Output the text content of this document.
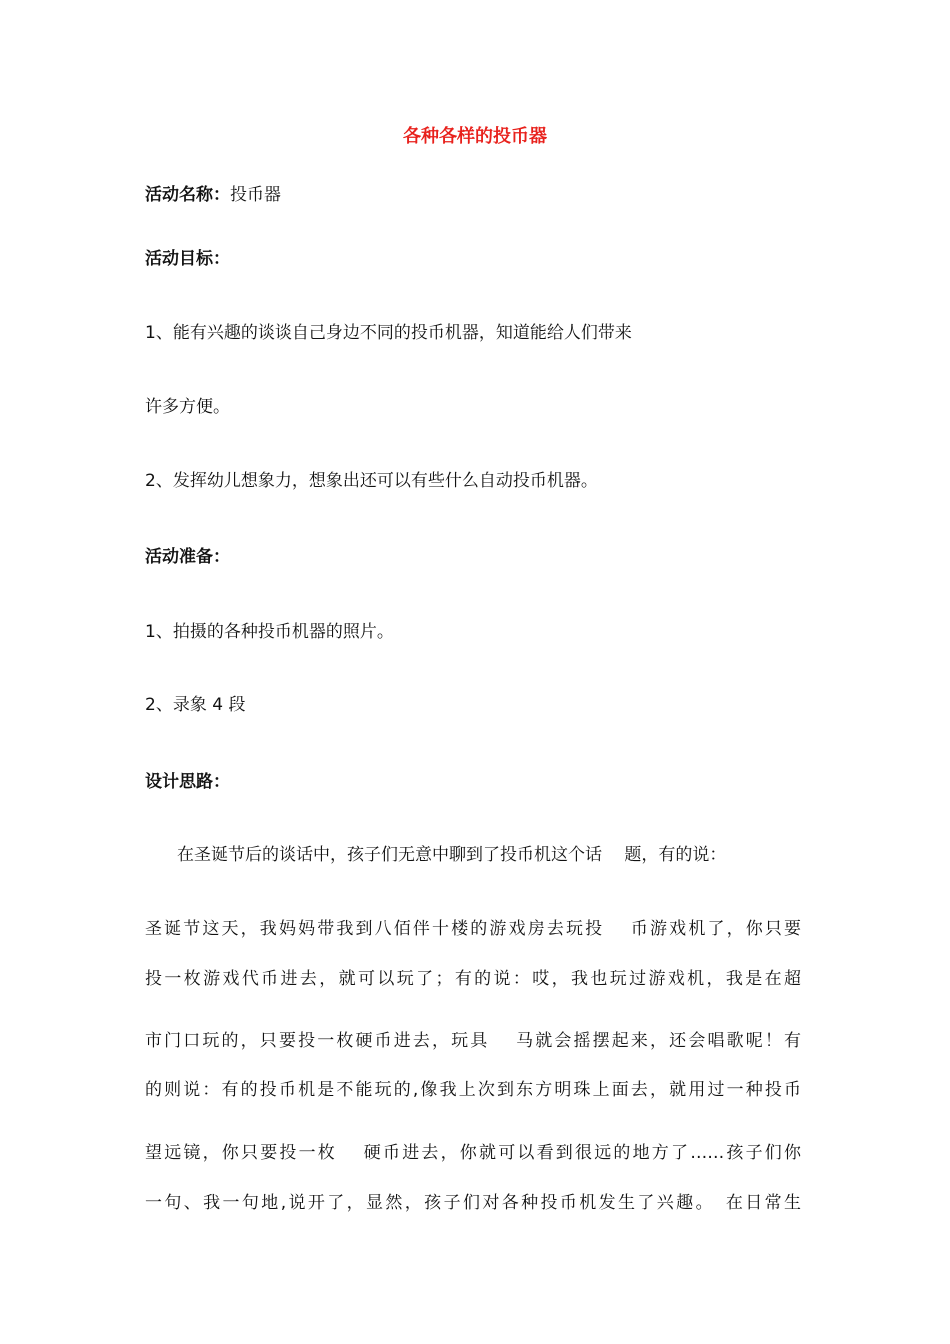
各种各样的投币器
活动名称：投币器
活动目标：
1、能有兴趣的谈谈自己身边不同的投币机器，知道能给人们带来
许多方便。
2、发挥幼儿想象力，想象出还可以有些什么自动投币机器。
活动准备：
1、拍摄的各种投币机器的照片。
2、录象 4 段
设计思路：
在圣诞节后的谈话中，孩子们无意中聊到了投币机这个话　 题，有的说：
圣诞节这天，我妈妈带我到八佰伴十楼的游戏房去玩投　 币游戏机了，你只要
投一枚游戏代币进去，就可以玩了；有的说：哎，我也玩过游戏机，我是在超
市门口玩的，只要投一枚硬币进去，玩具　 马就会摇摆起来，还会唱歌呢！有
的则说：有的投币机是不能玩的,像我上次到东方明珠上面去，就用过一种投币
望远镜，你只要投一枚　 硬币进去，你就可以看到很远的地方了……孩子们你
一句、我一句地,说开了，显然，孩子们对各种投币机发生了兴趣。　在日常生
